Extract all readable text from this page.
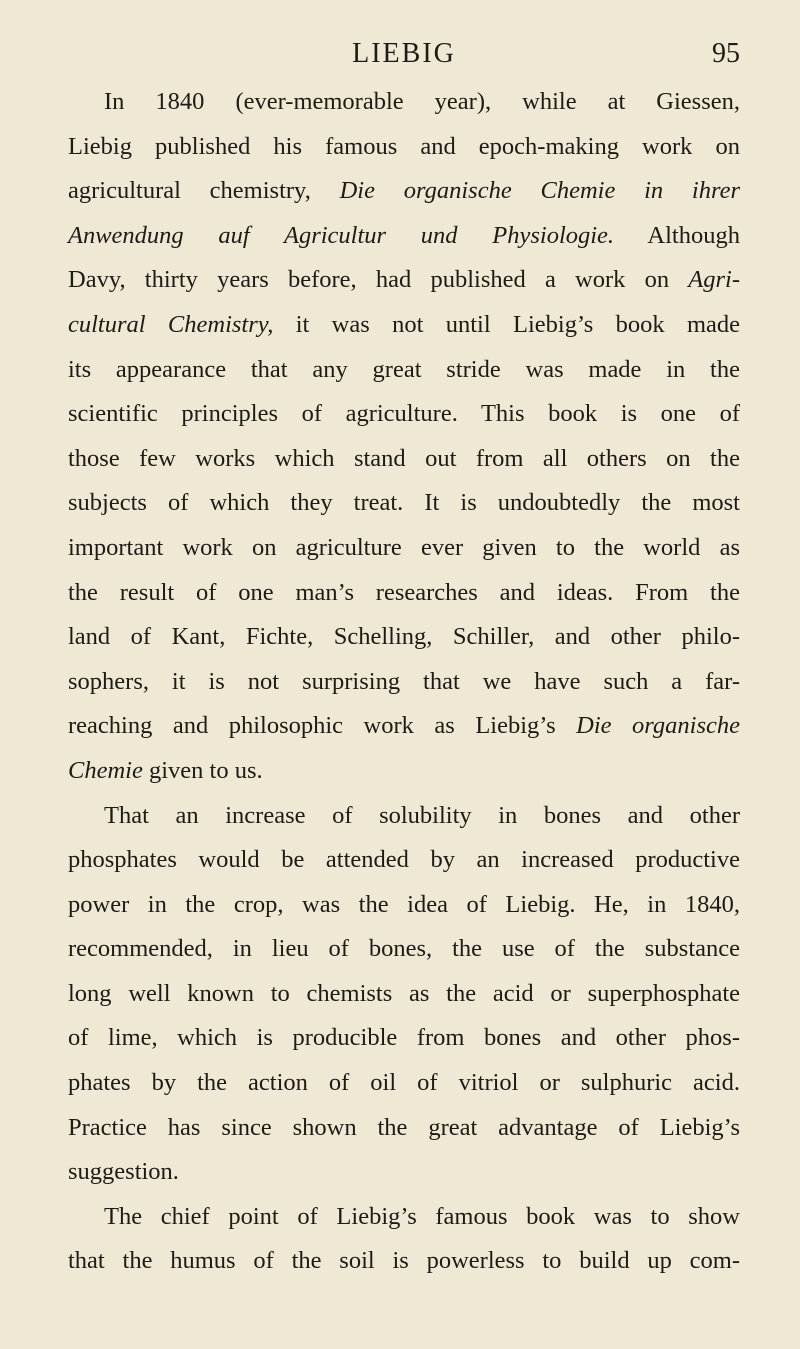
LIEBIG	95
In 1840 (ever-memorable year), while at Giessen,
Liebig published his famous and epoch-making work on
agricultural chemistry, Die organische Chemie in ihrer
Anwendung auf Agricultur und Physiologie. Although
Davy, thirty years before, had published a work on Agri-
cultural Chemistry, it was not until Liebig’s book made
its appearance that any great stride was made in the
scientific principles of agriculture. This book is one of
those few works which stand out from all others on the
subjects of which they treat. It is undoubtedly the most
important work on agriculture ever given to the world as
the result of one man’s researches and ideas. From the
land of Kant, Fichte, Schelling, Schiller, and other philo-
sophers, it is not surprising that we have such a far-
reaching and philosophic work as Liebig’s Die organische
Chemie given to us.
That an increase of solubility in bones and other
phosphates would be attended by an increased productive
power in the crop, was the idea of Liebig. He, in 1840,
recommended, in lieu of bones, the use of the substance
long well known to chemists as the acid or superphosphate
of lime, which is producible from bones and other phos-
phates by the action of oil of vitriol or sulphuric acid.
Practice has since shown the great advantage of Liebig’s
suggestion.
The chief point of Liebig’s famous book was to show
that the humus of the soil is powerless to build up com-
